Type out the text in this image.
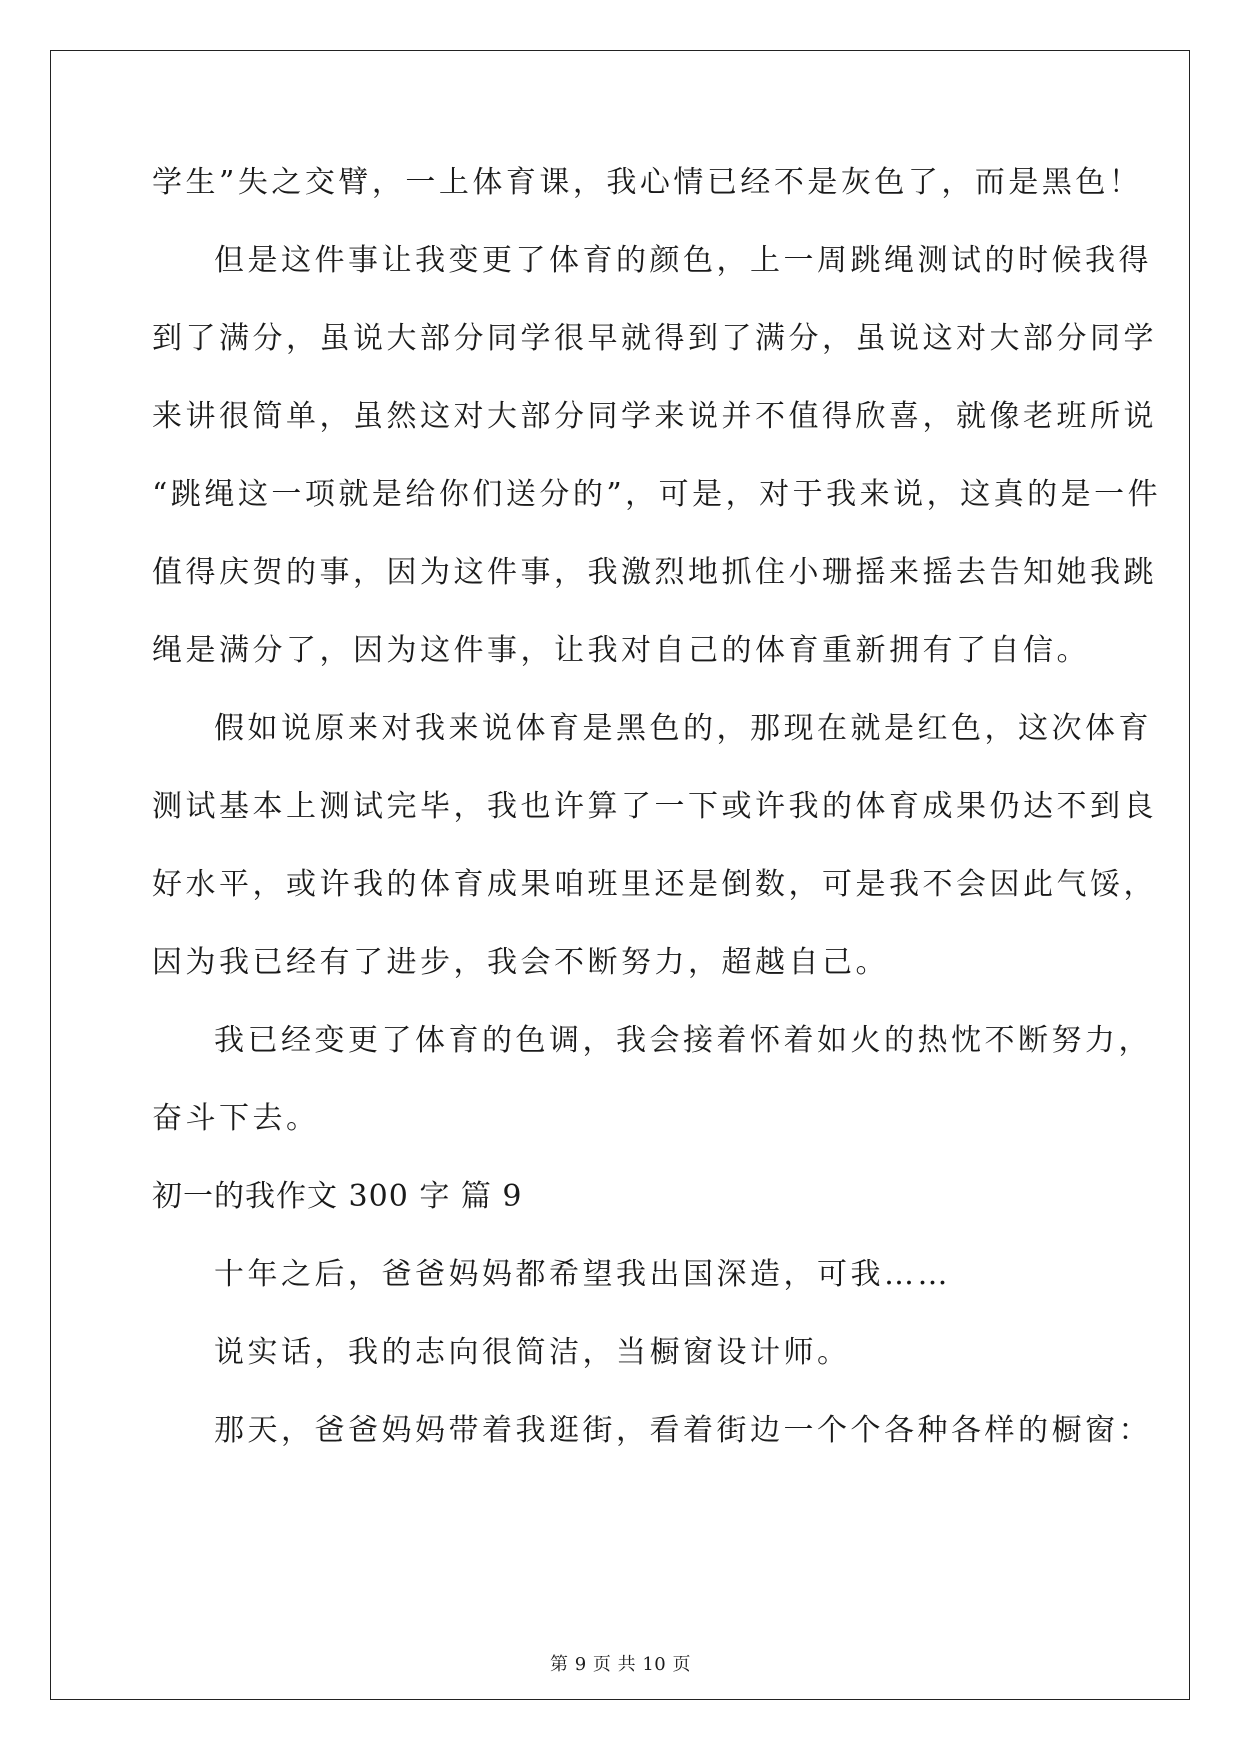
学生”失之交臂，一上体育课，我心情已经不是灰色了，而是黑色！
但是这件事让我变更了体育的颜色，上一周跳绳测试的时候我得
到了满分，虽说大部分同学很早就得到了满分，虽说这对大部分同学
来讲很简单，虽然这对大部分同学来说并不值得欣喜，就像老班所说
“跳绳这一项就是给你们送分的”，可是，对于我来说，这真的是一件
值得庆贺的事，因为这件事，我激烈地抓住小珊摇来摇去告知她我跳
绳是满分了，因为这件事，让我对自己的体育重新拥有了自信。
假如说原来对我来说体育是黑色的，那现在就是红色，这次体育
测试基本上测试完毕，我也许算了一下或许我的体育成果仍达不到良
好水平，或许我的体育成果咱班里还是倒数，可是我不会因此气馁，
因为我已经有了进步，我会不断努力，超越自己。
我已经变更了体育的色调，我会接着怀着如火的热忱不断努力，
奋斗下去。
初一的我作文 300 字 篇 9
十年之后，爸爸妈妈都希望我出国深造，可我……
说实话，我的志向很简洁，当橱窗设计师。
那天，爸爸妈妈带着我逛街，看着街边一个个各种各样的橱窗：
第 9 页 共 10 页
